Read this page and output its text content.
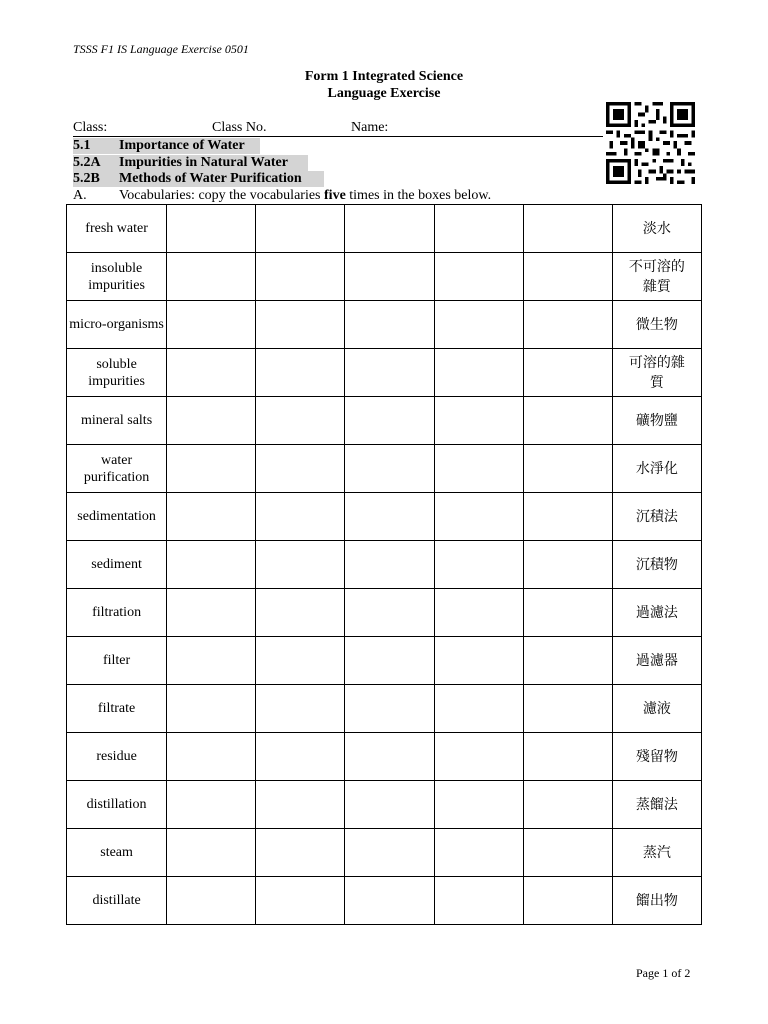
TSSS F1 IS Language Exercise 0501
Form 1 Integrated Science
Language Exercise
Class:	Class No.	Name:
5.1 Importance of Water
5.2A Impurities in Natural Water
5.2B Methods of Water Purification
A. Vocabularies: copy the vocabularies five times in the boxes below.
fresh water						淡水
insoluble impurities						不可溶的雜質
micro-organisms						微生物
soluble impurities						可溶的雜質
mineral salts						礦物鹽
water purification						水淨化
sedimentation						沉積法
sediment						沉積物
filtration						過濾法
filter						過濾器
filtrate						濾液
residue						殘留物
distillation						蒸餾法
steam						蒸汽
distillate						餾出物
Page 1 of 2
